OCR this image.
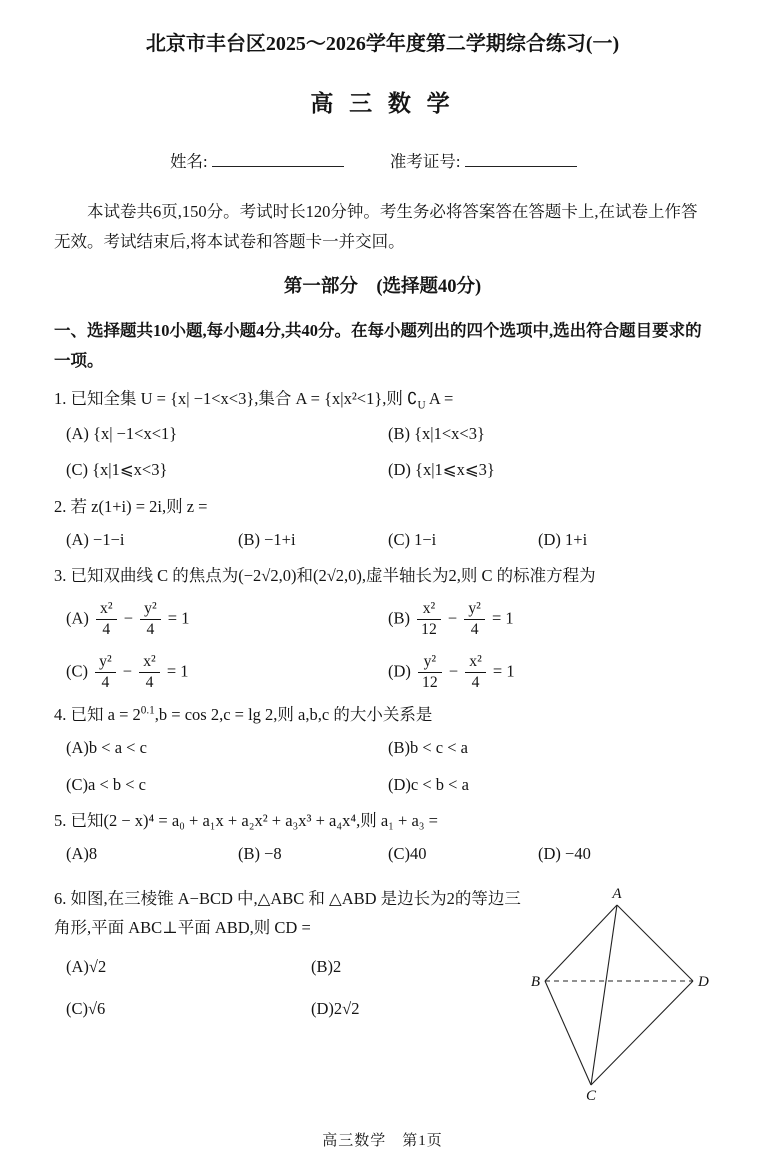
北京市丰台区2025～2026学年度第二学期综合练习(一)
高 三 数 学
姓名:	准考证号:
本试卷共6页,150分。考试时长120分钟。考生务必将答案答在答题卡上,在试卷上作答无效。考试结束后,将本试卷和答题卡一并交回。
第一部分　(选择题40分)
一、选择题共10小题,每小题4分,共40分。在每小题列出的四个选项中,选出符合题目要求的一项。
1. 已知全集 U = {x| −1<x<3},集合 A = {x|x²<1},则 $∁_U$ A =
(A) {x| −1<x<1}	(B) {x|1<x<3}
(C) {x|1⩽x<3}	(D) {x|1⩽x⩽3}
2. 若 z(1+i) = 2i,则 z =
(A) −1−i	(B) −1+i	(C) 1−i	(D) 1+i
3. 已知双曲线 C 的焦点为(−2√2,0)和(2√2,0),虚半轴长为2,则 C 的标准方程为
$(A) \frac{\text{x²}}{4} - \frac{\text{y²}}{4} = 1$	$(B) \frac{\text{x²}}{12} - \frac{\text{y²}}{4} = 1$
$(C) \frac{\text{y²}}{4} - \frac{\text{x²}}{4} = 1$	$(D) \frac{\text{y²}}{12} - \frac{\text{x²}}{4} = 1$
4. 已知 $a = 2^{0.1},b = \cos 2,c = \lg 2$,则 a,b,c 的大小关系是
(A)b < a < c	(B)b < c < a
(C)a < b < c	(D)c < b < a
5. 已知(2 − x)⁴ = a₀ + a₁x + a₂x² + a₃x³ + a₄x⁴,则 a₁ + a₃ =
(A)8	(B) −8	(C)40	(D) −40
6. 如图,在三棱锥 A−BCD 中,△ABC 和 △ABD 是边长为2的等边三角形,平面 ABC⊥平面 ABD,则 CD =
(A)√2	(B)2
(C)√6	(D)2√2
A
B	D
C
高三数学　第1页
